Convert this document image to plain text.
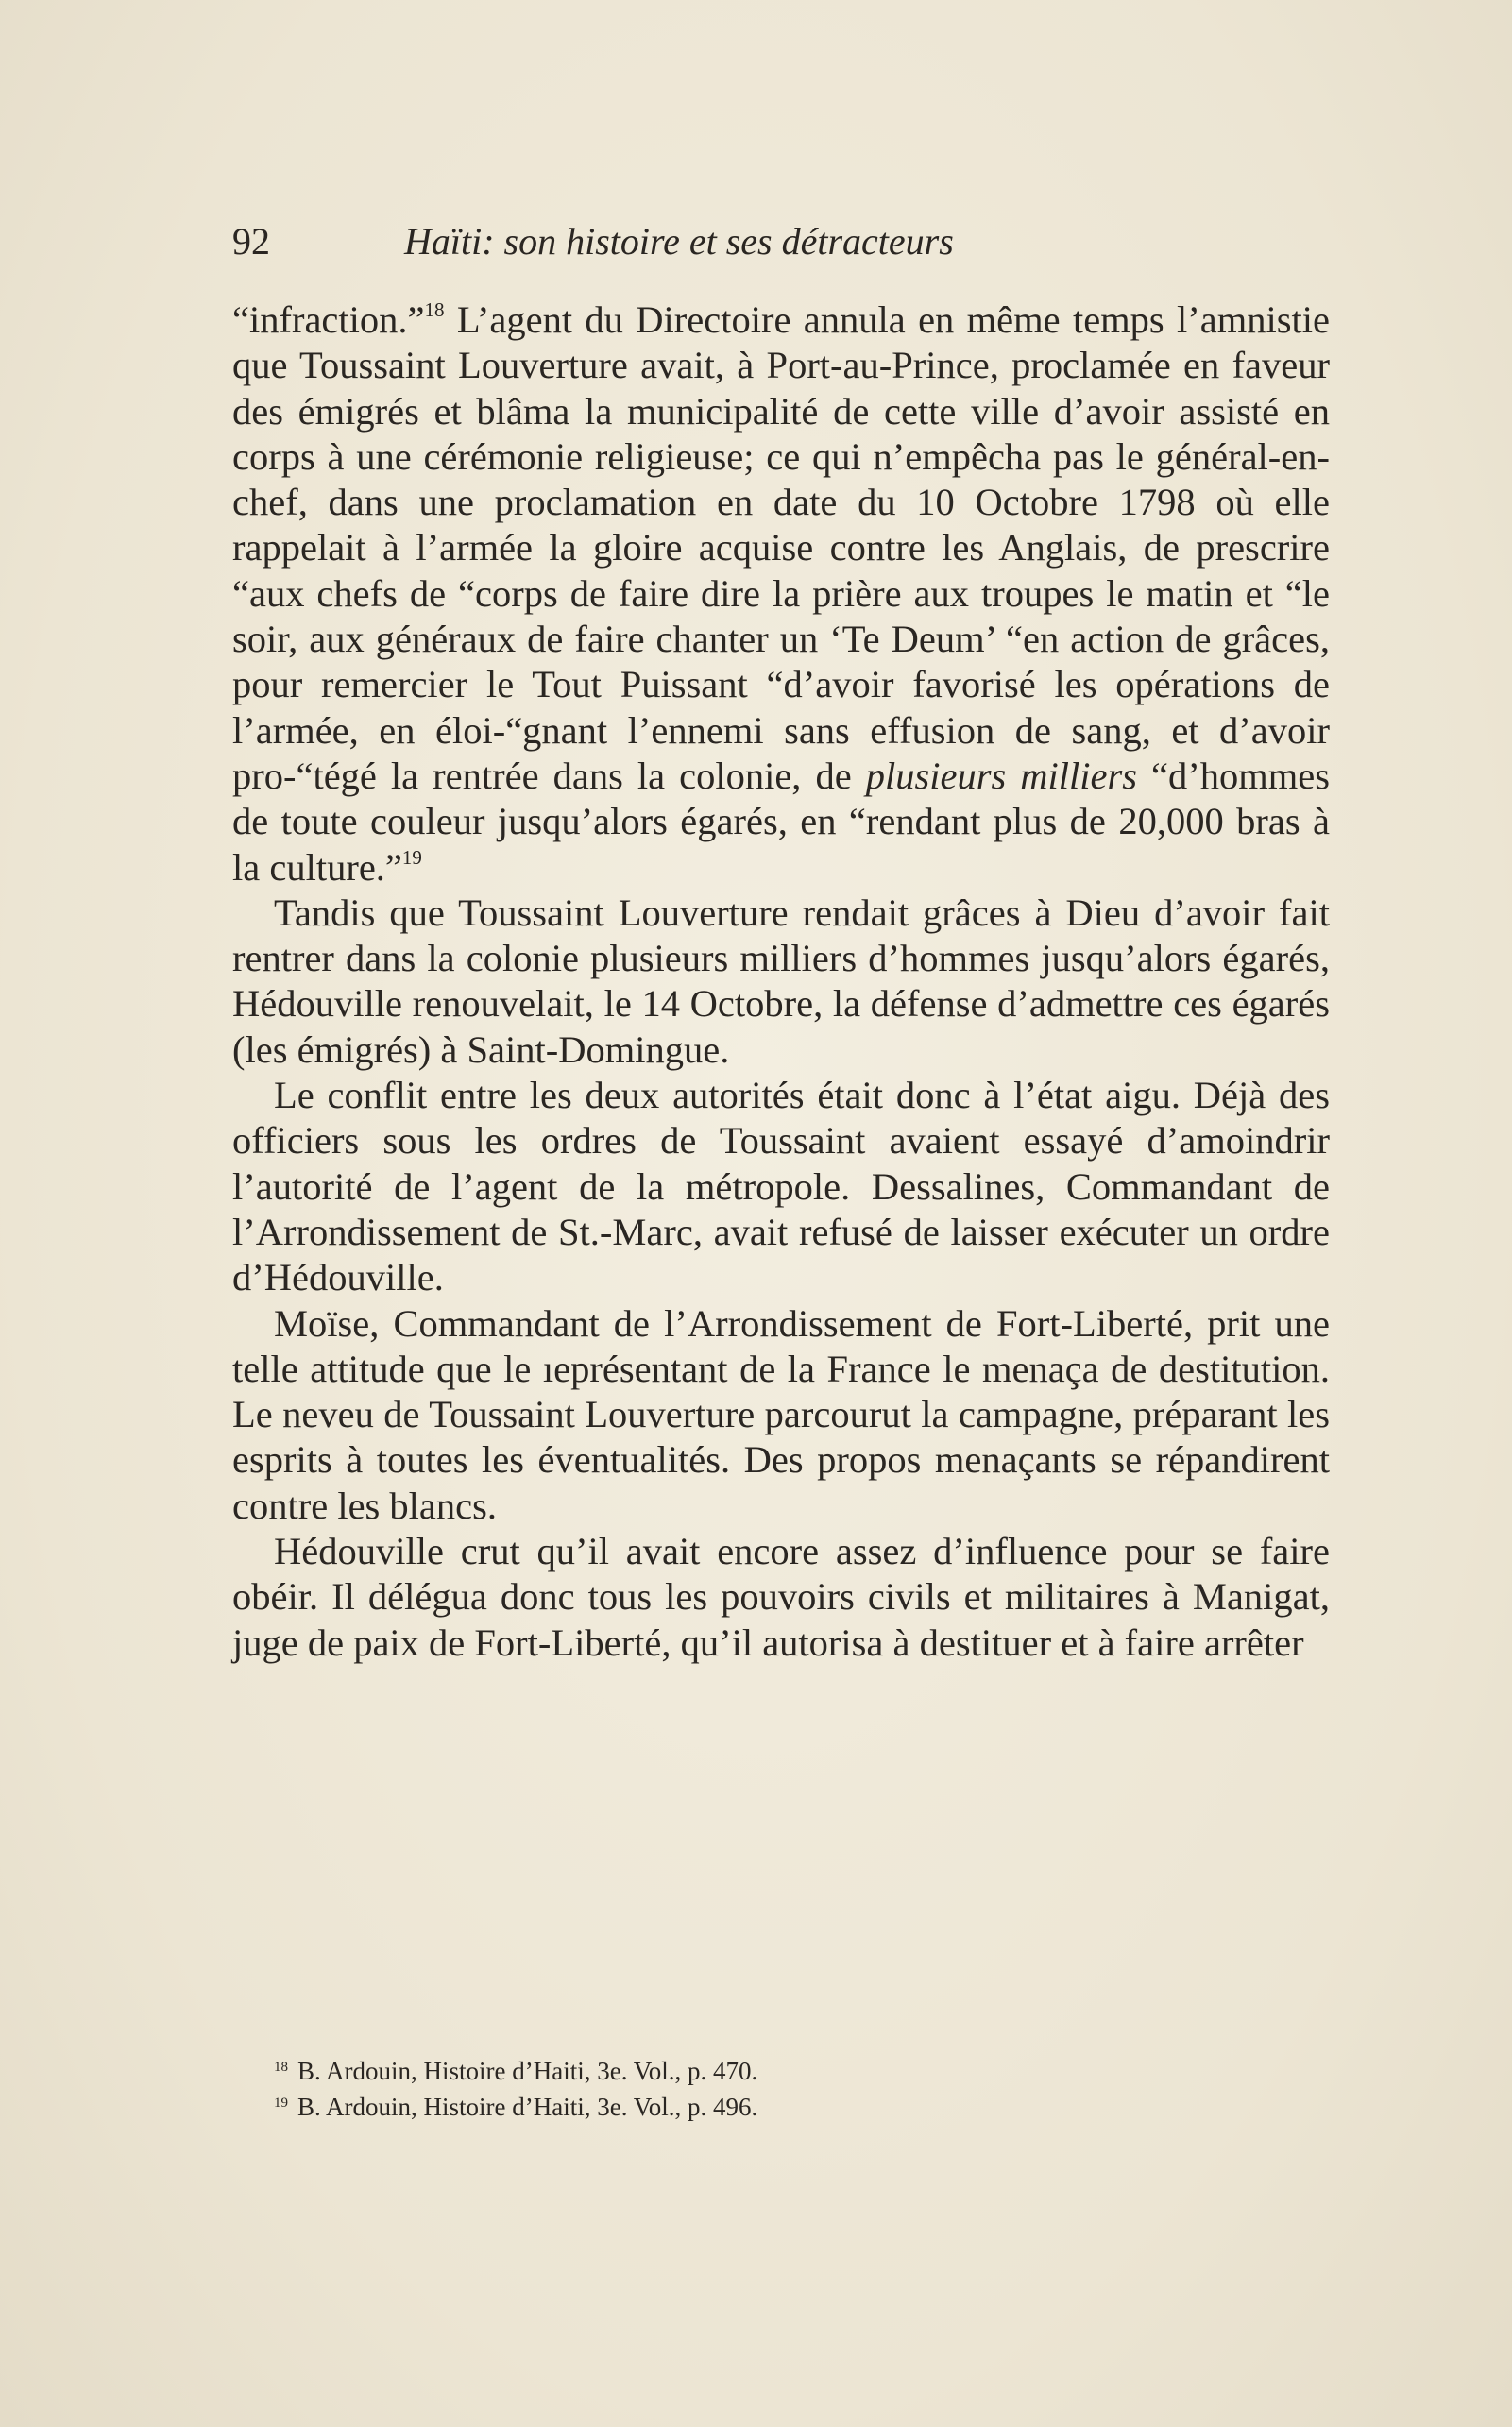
92	Haïti: son histoire et ses détracteurs

“infraction.”$^{18}$ L’agent du Directoire annula en même temps l’amnistie que Toussaint Louverture avait, à Port-au-Prince, proclamée en faveur des émigrés et blâma la municipalité de cette ville d’avoir assisté en corps à une cérémonie religieuse; ce qui n’empêcha pas le général-en-chef, dans une proclamation en date du 10 Octobre 1798 où elle rappelait à l’armée la gloire acquise contre les Anglais, de prescrire “aux chefs de “corps de faire dire la prière aux troupes le matin et “le soir, aux généraux de faire chanter un ‘Te Deum’ “en action de grâces, pour remercier le Tout Puissant “d’avoir favorisé les opérations de l’armée, en éloi-“gnant l’ennemi sans effusion de sang, et d’avoir pro-“tégé la rentrée dans la colonie, de plusieurs milliers “d’hommes de toute couleur jusqu’alors égarés, en “rendant plus de 20,000 bras à la culture.”$^{19}$

Tandis que Toussaint Louverture rendait grâces à Dieu d’avoir fait rentrer dans la colonie plusieurs milliers d’hommes jusqu’alors égarés, Hédouville renouvelait, le 14 Octobre, la défense d’admettre ces égarés (les émigrés) à Saint-Domingue.

Le conflit entre les deux autorités était donc à l’état aigu. Déjà des officiers sous les ordres de Toussaint avaient essayé d’amoindrir l’autorité de l’agent de la métropole. Dessalines, Commandant de l’Arrondissement de St.-Marc, avait refusé de laisser exécuter un ordre d’Hédouville.

Moïse, Commandant de l’Arrondissement de Fort-Liberté, prit une telle attitude que le ıeprésentant de la France le menaça de destitution. Le neveu de Toussaint Louverture parcourut la campagne, préparant les esprits à toutes les éventualités. Des propos menaçants se répandirent contre les blancs.

Hédouville crut qu’il avait encore assez d’influence pour se faire obéir. Il délégua donc tous les pouvoirs civils et militaires à Manigat, juge de paix de Fort-Liberté, qu’il autorisa à destituer et à faire arrêter

$^{18}$ B. Ardouin, Histoire d’Haiti, 3e. Vol., p. 470.
$^{19}$ B. Ardouin, Histoire d’Haiti, 3e. Vol., p. 496.
